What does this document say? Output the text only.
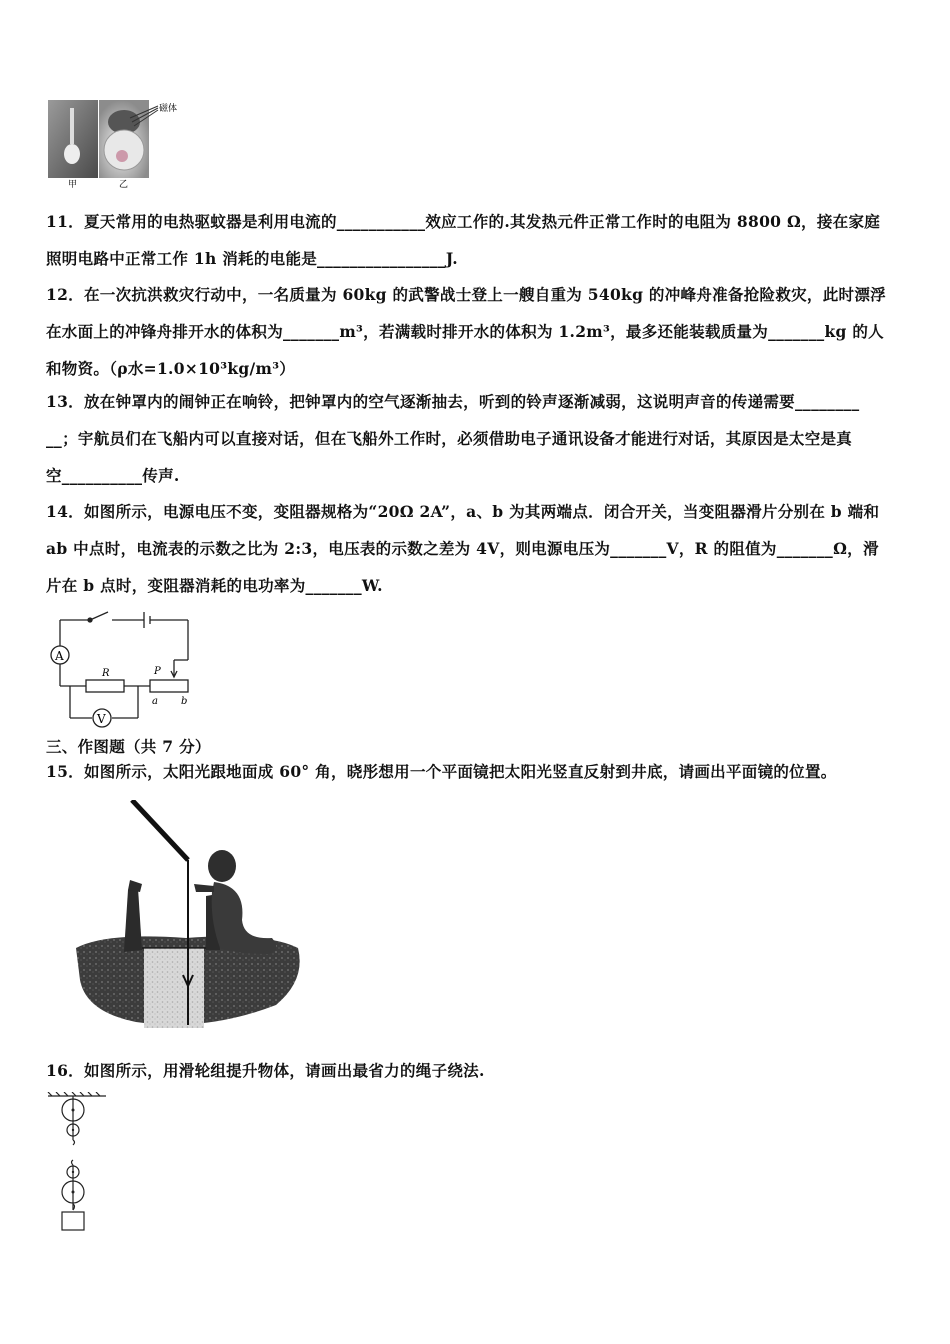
磁体
甲	乙
11．夏天常用的电热驱蚊器是利用电流的___________效应工作的.其发热元件正常工作时的电阻为 8800 Ω，接在家庭
照明电路中正常工作 1h 消耗的电能是________________J.
12．在一次抗洪救灾行动中，一名质量为 60kg 的武警战士登上一艘自重为 540kg 的冲峰舟准备抢险救灾，此时漂浮
在水面上的冲锋舟排开水的体积为_______m³，若满载时排开水的体积为 1.2m³，最多还能装载质量为_______kg 的人
和物资。（ρ水=1.0×10³kg/m³）
13．放在钟罩内的闹钟正在响铃，把钟罩内的空气逐渐抽去，听到的铃声逐渐减弱，这说明声音的传递需要________
__；宇航员们在飞船内可以直接对话，但在飞船外工作时，必须借助电子通讯设备才能进行对话，其原因是太空是真
空__________传声.
14．如图所示，电源电压不变，变阻器规格为“20Ω 2A”，a、b 为其两端点．闭合开关，当变阻器滑片分别在 b 端和
ab 中点时，电流表的示数之比为 2:3，电压表的示数之差为 4V，则电源电压为_______V，R 的阻值为_______Ω，滑
片在 b 点时，变阻器消耗的电功率为_______W.
A
V
R	P
a b
三、作图题（共 7 分）
15．如图所示，太阳光跟地面成 60° 角，晓彤想用一个平面镜把太阳光竖直反射到井底，请画出平面镜的位置。
16．如图所示，用滑轮组提升物体，请画出最省力的绳子绕法.
